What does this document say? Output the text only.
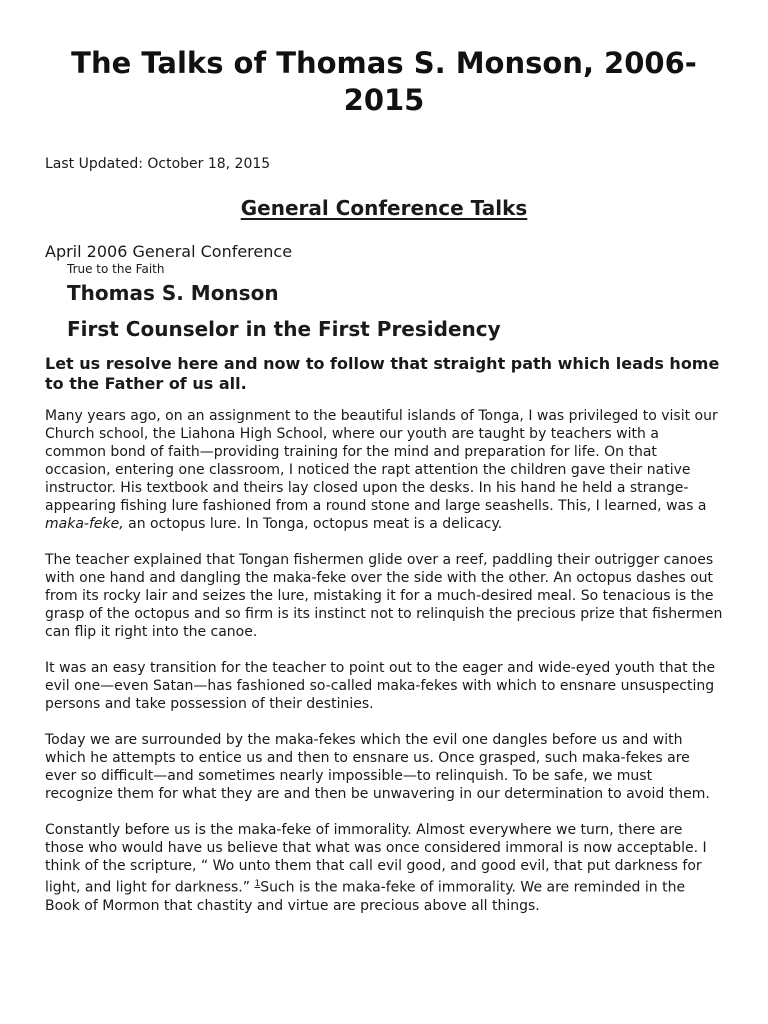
The Talks of Thomas S. Monson, 2006-2015
Last Updated: October 18, 2015
General Conference Talks
April 2006 General Conference
True to the Faith
Thomas S. Monson
First Counselor in the First Presidency
Let us resolve here and now to follow that straight path which leads home to the Father of us all.

Many years ago, on an assignment to the beautiful islands of Tonga, I was privileged to visit our Church school, the Liahona High School, where our youth are taught by teachers with a common bond of faith—providing training for the mind and preparation for life. On that occasion, entering one classroom, I noticed the rapt attention the children gave their native instructor. His textbook and theirs lay closed upon the desks. In his hand he held a strange-appearing fishing lure fashioned from a round stone and large seashells. This, I learned, was a maka-feke, an octopus lure. In Tonga, octopus meat is a delicacy.

The teacher explained that Tongan fishermen glide over a reef, paddling their outrigger canoes with one hand and dangling the maka-feke over the side with the other. An octopus dashes out from its rocky lair and seizes the lure, mistaking it for a much-desired meal. So tenacious is the grasp of the octopus and so firm is its instinct not to relinquish the precious prize that fishermen can flip it right into the canoe.

It was an easy transition for the teacher to point out to the eager and wide-eyed youth that the evil one—even Satan—has fashioned so-called maka-fekes with which to ensnare unsuspecting persons and take possession of their destinies.

Today we are surrounded by the maka-fekes which the evil one dangles before us and with which he attempts to entice us and then to ensnare us. Once grasped, such maka-fekes are ever so difficult—and sometimes nearly impossible—to relinquish. To be safe, we must recognize them for what they are and then be unwavering in our determination to avoid them.

Constantly before us is the maka-feke of immorality. Almost everywhere we turn, there are those who would have us believe that what was once considered immoral is now acceptable. I think of the scripture, “ Wo unto them that call evil good, and good evil, that put darkness for light, and light for darkness.” $^1$Such is the maka-feke of immorality. We are reminded in the Book of Mormon that chastity and virtue are precious above all things.
